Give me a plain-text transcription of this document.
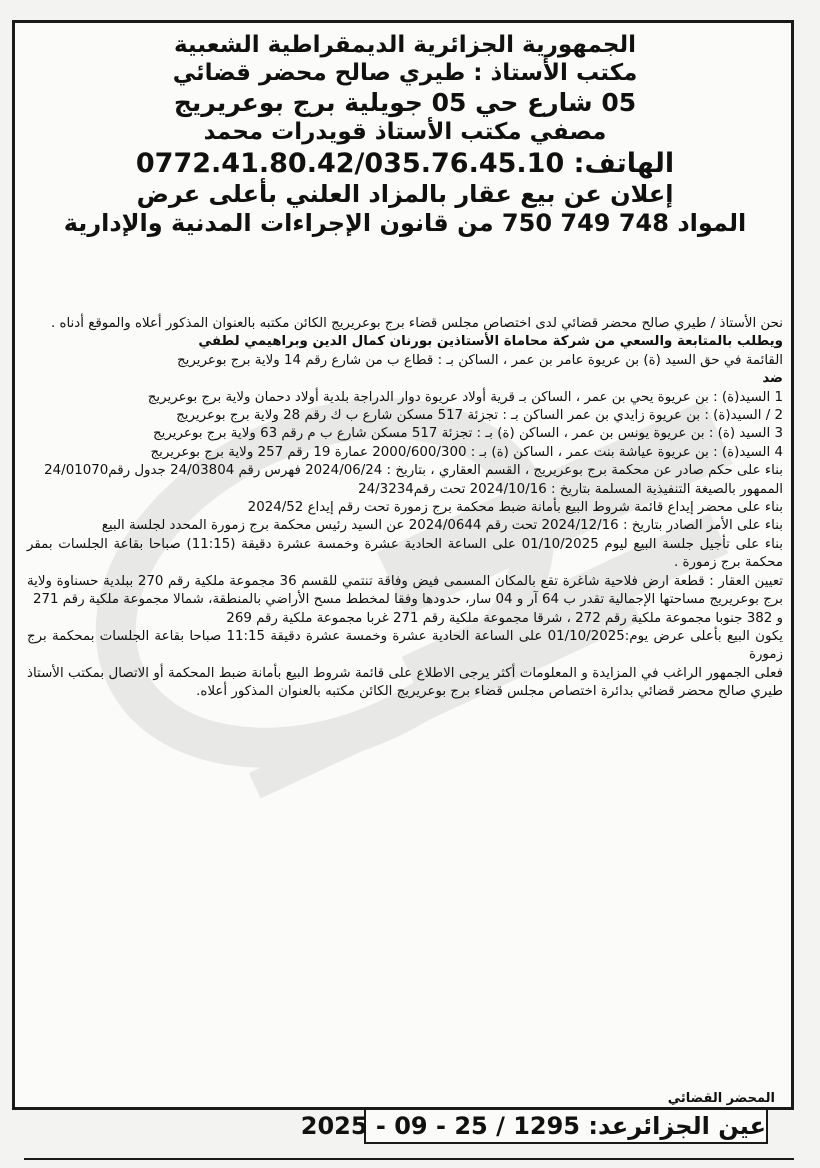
الجمهورية الجزائرية الديمقراطية الشعبية
مكتب الأستاذ : طيري صالح محضر قضائي
05 شارع حي 05 جويلية برج بوعريريج
مصفي مكتب الأستاذ قويدرات محمد
الهاتف: 0772.41.80.42/035.76.45.10
إعلان عن بيع عقار بالمزاد العلني بأعلى عرض
المواد 748 749 750 من قانون الإجراءات المدنية والإدارية

نحن الأستاذ / طيري صالح محضر قضائي لدى اختصاص مجلس قضاء برج بوعريريج الكائن مكتبه بالعنوان المذكور أعلاه والموقع أدناه .

ويطلب بالمتابعة والسعي من شركة محاماة الأستاذين بورنان كمال الدين وبراهيمي لطفي

القائمة في حق السيد (ة) بن عريوة عامر بن عمر ، الساكن بـ : قطاع ب من شارع رقم 14 ولاية برج بوعريريج

ضد

1 السيد(ة) : بن عريوة يحي بن عمر ، الساكن بـ قرية أولاد عريوة دوار الدراجة بلدية أولاد دحمان ولاية برج بوعريريج

2 / السيد(ة) : بن عريوة زايدي بن عمر الساكن بـ : تجزئة 517 مسكن شارع ب ك رقم 28 ولاية برج بوعريريج

3 السيد (ة) : بن عريوة يونس بن عمر ، الساكن (ة) بـ : تجزئة 517 مسكن شارع ب م رقم 63 ولاية برج بوعريريج

4 السيد(ة) : بن عريوة عياشة بنت عمر ، الساكن (ة) بـ : 2000/600/300 عمارة 19 رقم 257 ولاية برج بوعريريج

بناء على حكم صادر عن محكمة برج بوعريريج ، القسم العقاري ، بتاريخ : 2024/06/24 فهرس رقم 24/03804 جدول رقم24/01070

الممهور بالصيغة التنفيذية المسلمة بتاريخ : 2024/10/16 تحت رقم24/3234

بناء على محضر إيداع قائمة شروط البيع بأمانة ضبط محكمة برج زمورة تحت رقم إيداع 2024/52

بناء على الأمر الصادر بتاريخ : 2024/12/16 تحت رقم 2024/0644 عن السيد رئيس محكمة برج زمورة المحدد لجلسة البيع

بناء على تأجيل جلسة البيع ليوم 01/10/2025 على الساعة الحادية عشرة وخمسة عشرة دقيقة (11:15) صباحا بقاعة الجلسات بمقر محكمة برج زمورة .

تعيين العقار : قطعة ارض فلاحية شاغرة تقع بالمكان المسمى فيض وفاقة تنتمي للقسم 36 مجموعة ملكية رقم 270 ببلدية حسناوة ولاية برج بوعريريج مساحتها الإجمالية تقدر ب 64 آر و 04 سار، حدودها وفقا لمخطط مسح الأراضي بالمنطقة، شمالا مجموعة ملكية رقم 271

و 382 جنوبا مجموعة ملكية رقم 272 ، شرقا مجموعة ملكية رقم 271 غربا مجموعة ملكية رقم 269

يكون البيع بأعلى عرض يوم:01/10/2025 على الساعة الحادية عشرة وخمسة عشرة دقيقة 11:15 صباحا بقاعة الجلسات بمحكمة برج زمورة

فعلى الجمهور الراغب في المزايدة و المعلومات أكثر يرجى الاطلاع على قائمة شروط البيع بأمانة ضبط المحكمة أو الاتصال بمكتب الأستاذ طيري صالح محضر قضائي بدائرة اختصاص مجلس قضاء برج بوعريريج الكائن مكتبه بالعنوان المذكور أعلاه.

المحضر القضائي
عين الجزائرعد: 1295 / 25 - 09 - 2025
